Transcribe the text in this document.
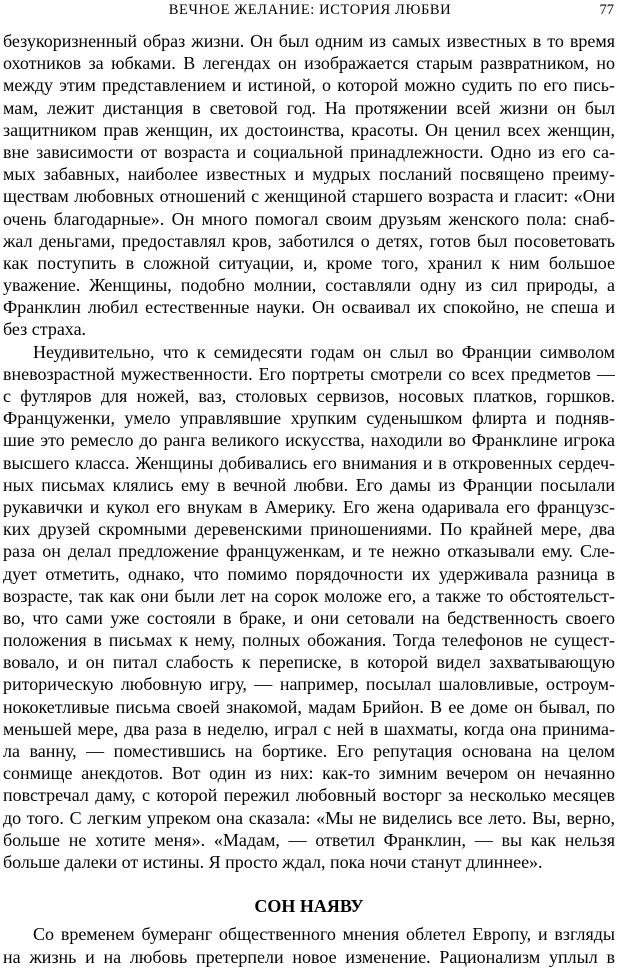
ВЕЧНОЕ ЖЕЛАНИЕ: ИСТОРИЯ ЛЮБВИ	77
безукоризненный образ жизни. Он был одним из самых известных в то время
охотников за юбками. В легендах он изображается старым развратником, но
между этим представлением и истиной, о которой можно судить по его пись-
мам, лежит дистанция в световой год. На протяжении всей жизни он был
защитником прав женщин, их достоинства, красоты. Он ценил всех женщин,
вне зависимости от возраста и социальной принадлежности. Одно из его са-
мых забавных, наиболее известных и мудрых посланий посвящено преиму-
ществам любовных отношений с женщиной старшего возраста и гласит: «Они
очень благодарные». Он много помогал своим друзьям женского пола: снаб-
жал деньгами, предоставлял кров, заботился о детях, готов был посоветовать
как поступить в сложной ситуации, и, кроме того, хранил к ним большое
уважение. Женщины, подобно молнии, составляли одну из сил природы, а
Франклин любил естественные науки. Он осваивал их спокойно, не спеша и
без страха.
Неудивительно, что к семидесяти годам он слыл во Франции символом
вневозрастной мужественности. Его портреты смотрели со всех предметов —
с футляров для ножей, ваз, столовых сервизов, носовых платков, горшков.
Француженки, умело управлявшие хрупким суденышком флирта и подняв-
шие это ремесло до ранга великого искусства, находили во Франклине игрока
высшего класса. Женщины добивались его внимания и в откровенных сердеч-
ных письмах клялись ему в вечной любви. Его дамы из Франции посылали
рукавички и кукол его внукам в Америку. Его жена одаривала его французс-
ких друзей скромными деревенскими приношениями. По крайней мере, два
раза он делал предложение француженкам, и те нежно отказывали ему. Сле-
дует отметить, однако, что помимо порядочности их удерживала разница в
возрасте, так как они были лет на сорок моложе его, а также то обстоятельст-
во, что сами уже состояли в браке, и они сетовали на бедственность своего
положения в письмах к нему, полных обожания. Тогда телефонов не сущест-
вовало, и он питал слабость к переписке, в которой видел захватывающую
риторическую любовную игру, — например, посылал шаловливые, остроум-
нококетливые письма своей знакомой, мадам Брийон. В ее доме он бывал, по
меньшей мере, два раза в неделю, играл с ней в шахматы, когда она принима-
ла ванну, — поместившись на бортике. Его репутация основана на целом
сонмище анекдотов. Вот один из них: как-то зимним вечером он нечаянно
повстречал даму, с которой пережил любовный восторг за несколько месяцев
до того. С легким упреком она сказала: «Мы не виделись все лето. Вы, верно,
больше не хотите меня». «Мадам, — ответил Франклин, — вы как нельзя
больше далеки от истины. Я просто ждал, пока ночи станут длиннее».
СОН НАЯВУ
Со временем бумеранг общественного мнения облетел Европу, и взгляды
на жизнь и на любовь претерпели новое изменение. Рационализм уплыл в
